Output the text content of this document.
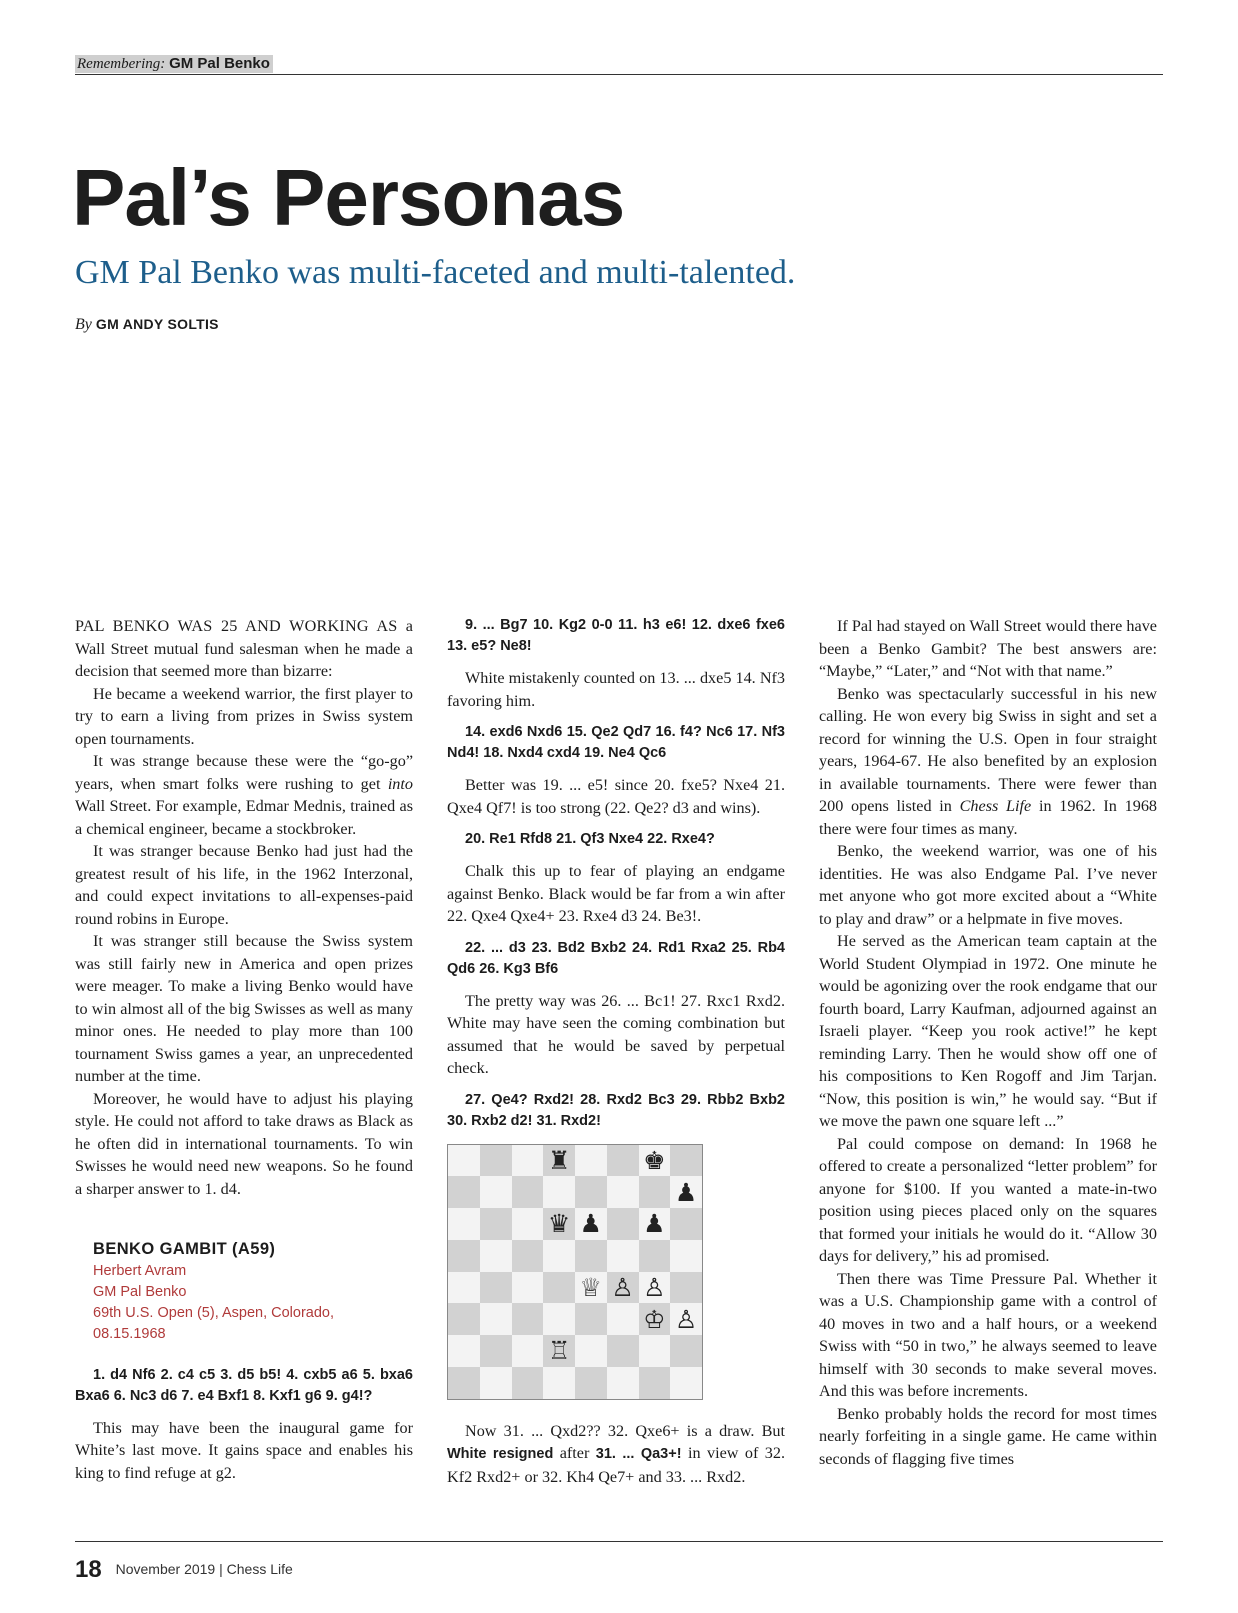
Remembering: GM Pal Benko
Pal’s Personas
GM Pal Benko was multi-faceted and multi-talented.
By GM ANDY SOLTIS

PAL BENKO WAS 25 AND WORKING AS a Wall Street mutual fund salesman when he made a decision that seemed more than bizarre:

He became a weekend warrior, the first player to try to earn a living from prizes in Swiss system open tournaments.

It was strange because these were the “go-go” years, when smart folks were rushing to get into Wall Street. For example, Edmar Mednis, trained as a chemical engineer, became a stockbroker.

It was stranger because Benko had just had the greatest result of his life, in the 1962 Interzonal, and could expect invitations to all-expenses-paid round robins in Europe.

It was stranger still because the Swiss system was still fairly new in America and open prizes were meager. To make a living Benko would have to win almost all of the big Swisses as well as many minor ones. He needed to play more than 100 tournament Swiss games a year, an unprecedented number at the time.

Moreover, he would have to adjust his playing style. He could not afford to take draws as Black as he often did in international tournaments. To win Swisses he would need new weapons. So he found a sharper answer to 1. d4.

BENKO GAMBIT (A59)

Herbert Avram

GM Pal Benko

69th U.S. Open (5), Aspen, Colorado,

08.15.1968

1. d4 Nf6 2. c4 c5 3. d5 b5! 4. cxb5 a6 5. bxa6 Bxa6 6. Nc3 d6 7. e4 Bxf1 8. Kxf1 g6 9. g4!?

This may have been the inaugural game for White’s last move. It gains space and enables his king to find refuge at g2.

9. ... Bg7 10. Kg2 0-0 11. h3 e6! 12. dxe6 fxe6 13. e5? Ne8!

White mistakenly counted on 13. ... dxe5 14. Nf3 favoring him.

14. exd6 Nxd6 15. Qe2 Qd7 16. f4? Nc6 17. Nf3 Nd4! 18. Nxd4 cxd4 19. Ne4 Qc6

Better was 19. ... e5! since 20. fxe5? Nxe4 21. Qxe4 Qf7! is too strong (22. Qe2? d3 and wins).

20. Re1 Rfd8 21. Qf3 Nxe4 22. Rxe4?

Chalk this up to fear of playing an endgame against Benko. Black would be far from a win after 22. Qxe4 Qxe4+ 23. Rxe4 d3 24. Be3!.

22. ... d3 23. Bd2 Bxb2 24. Rd1 Rxa2 25. Rb4 Qd6 26. Kg3 Bf6

The pretty way was 26. ... Bc1! 27. Rxc1 Rxd2. White may have seen the coming combination but assumed that he would be saved by perpetual check.

27. Qe4? Rxd2! 28. Rxd2 Bc3 29. Rbb2 Bxb2 30. Rxb2 d2! 31. Rxd2!

♜	♚
♟
♛ ♟ ♟
♕ ♙ ♙
♔ ♙
♖

Now 31. ... Qxd2?? 32. Qxe6+ is a draw. But White resigned after 31. ... Qa3+! in view of 32. Kf2 Rxd2+ or 32. Kh4 Qe7+ and 33. ... Rxd2.

If Pal had stayed on Wall Street would there have been a Benko Gambit? The best answers are: “Maybe,” “Later,” and “Not with that name.”

Benko was spectacularly successful in his new calling. He won every big Swiss in sight and set a record for winning the U.S. Open in four straight years, 1964-67. He also benefited by an explosion in available tournaments. There were fewer than 200 opens listed in Chess Life in 1962. In 1968 there were four times as many.

Benko, the weekend warrior, was one of his identities. He was also Endgame Pal. I’ve never met anyone who got more excited about a “White to play and draw” or a helpmate in five moves.

He served as the American team captain at the World Student Olympiad in 1972. One minute he would be agonizing over the rook endgame that our fourth board, Larry Kaufman, adjourned against an Israeli player. “Keep you rook active!” he kept reminding Larry. Then he would show off one of his compositions to Ken Rogoff and Jim Tarjan. “Now, this position is win,” he would say. “But if we move the pawn one square left ...”

Pal could compose on demand: In 1968 he offered to create a personalized “letter problem” for anyone for $100. If you wanted a mate-in-two position using pieces placed only on the squares that formed your initials he would do it. “Allow 30 days for delivery,” his ad promised.

Then there was Time Pressure Pal. Whether it was a U.S. Championship game with a control of 40 moves in two and a half hours, or a weekend Swiss with “50 in two,” he always seemed to leave himself with 30 seconds to make several moves. And this was before increments.

Benko probably holds the record for most times nearly forfeiting in a single game. He came within seconds of flagging five times

18 November 2019 | Chess Life
